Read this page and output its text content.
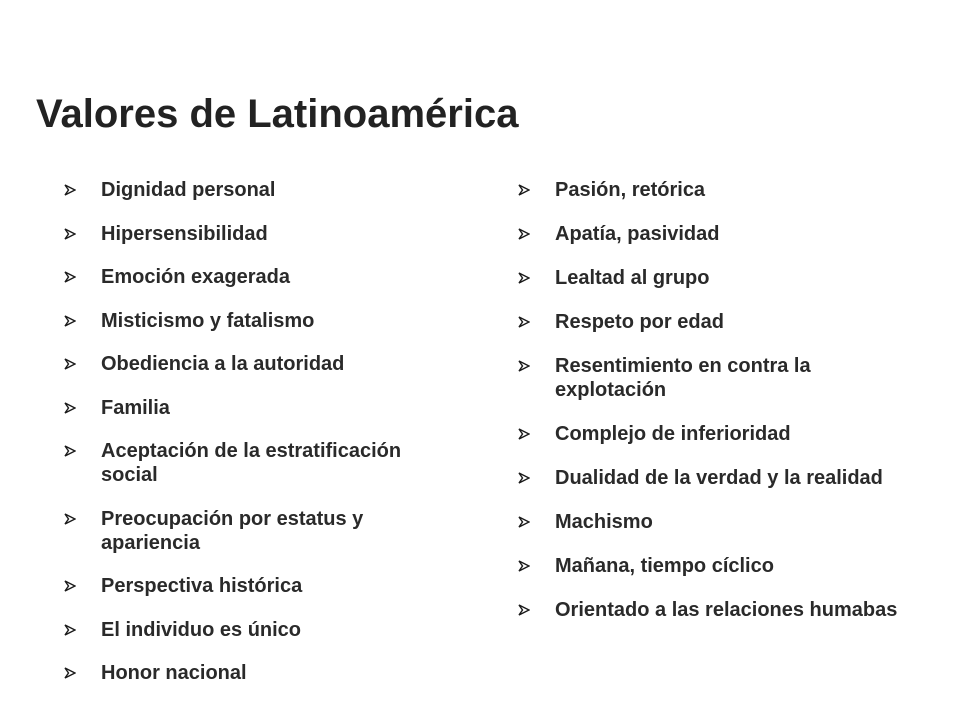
Valores de Latinoamérica
Dignidad personal
Hipersensibilidad
Emoción exagerada
Misticismo y fatalismo
Obediencia a la autoridad
Familia
Aceptación de la estratificación social
Preocupación por estatus y apariencia
Perspectiva histórica
El individuo es único
Honor nacional
Pasión, retórica
Apatía, pasividad
Lealtad al grupo
Respeto por edad
Resentimiento en contra la explotación
Complejo de inferioridad
Dualidad de la verdad y la realidad
Machismo
Mañana, tiempo cíclico
Orientado a las relaciones humabas
